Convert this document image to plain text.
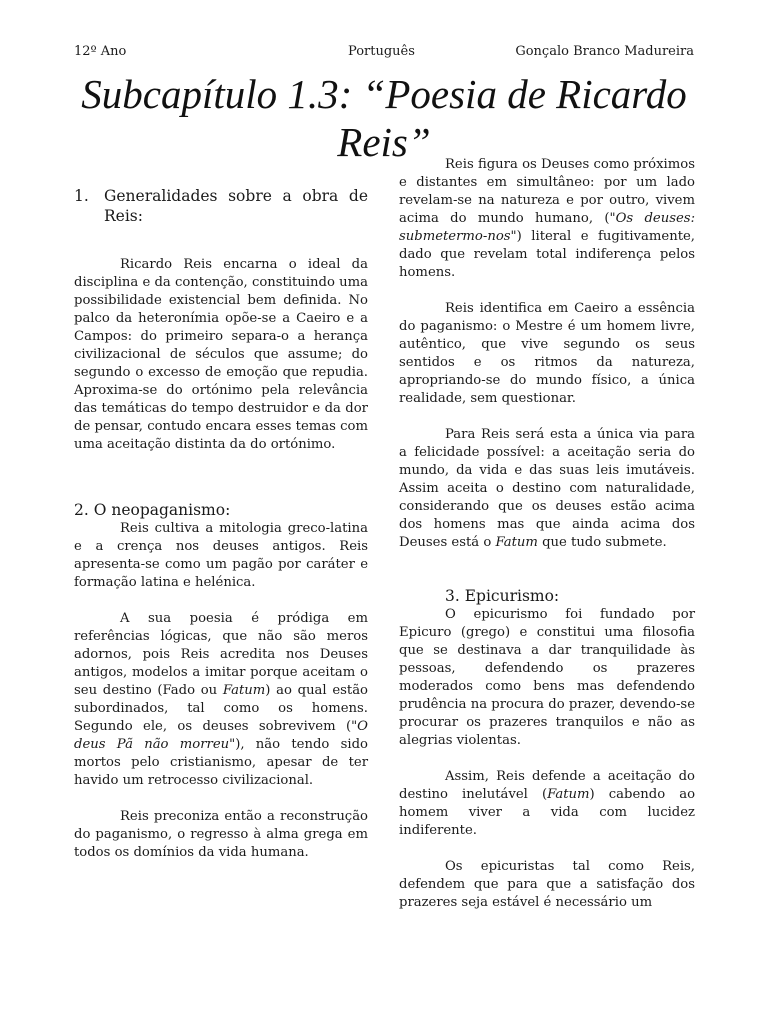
12º Ano	Português	Gonçalo Branco Madureira
Subcapítulo 1.3: “Poesia de Ricardo Reis”
1. Generalidades sobre a obra de Reis:

Ricardo Reis encarna o ideal da disciplina e da contenção, constituindo uma possibilidade existencial bem definida. No palco da heteronímia opõe-se a Caeiro e a Campos: do primeiro separa-o a herança civilizacional de séculos que assume; do segundo o excesso de emoção que repudia. Aproxima-se do ortónimo pela relevância das temáticas do tempo destruidor e da dor de pensar, contudo encara esses temas com uma aceitação distinta da do ortónimo.

2. O neopaganismo:

Reis cultiva a mitologia greco-latina e a crença nos deuses antigos. Reis apresenta-se como um pagão por caráter e formação latina e helénica.

A sua poesia é pródiga em referências lógicas, que não são meros adornos, pois Reis acredita nos Deuses antigos, modelos a imitar porque aceitam o seu destino (Fado ou Fatum) ao qual estão subordinados, tal como os homens. Segundo ele, os deuses sobrevivem ("O deus Pã não morreu"), não tendo sido mortos pelo cristianismo, apesar de ter havido um retrocesso civilizacional.

Reis preconiza então a reconstrução do paganismo, o regresso à alma grega em todos os domínios da vida humana.

Reis figura os Deuses como próximos e distantes em simultâneo: por um lado revelam-se na natureza e por outro, vivem acima do mundo humano, ("Os deuses: submetermo-nos") literal e fugitivamente, dado que revelam total indiferença pelos homens.

Reis identifica em Caeiro a essência do paganismo: o Mestre é um homem livre, autêntico, que vive segundo os seus sentidos e os ritmos da natureza, apropriando-se do mundo físico, a única realidade, sem questionar.

Para Reis será esta a única via para a felicidade possível: a aceitação seria do mundo, da vida e das suas leis imutáveis. Assim aceita o destino com naturalidade, considerando que os deuses estão acima dos homens mas que ainda acima dos Deuses está o Fatum que tudo submete.

3. Epicurismo:

O epicurismo foi fundado por Epicuro (grego) e constitui uma filosofia que se destinava a dar tranquilidade às pessoas, defendendo os prazeres moderados como bens mas defendendo prudência na procura do prazer, devendo-se procurar os prazeres tranquilos e não as alegrias violentas.

Assim, Reis defende a aceitação do destino inelutável (Fatum) cabendo ao homem viver a vida com lucidez indiferente.

Os epicuristas tal como Reis, defendem que para que a satisfação dos prazeres seja estável é necessário um
